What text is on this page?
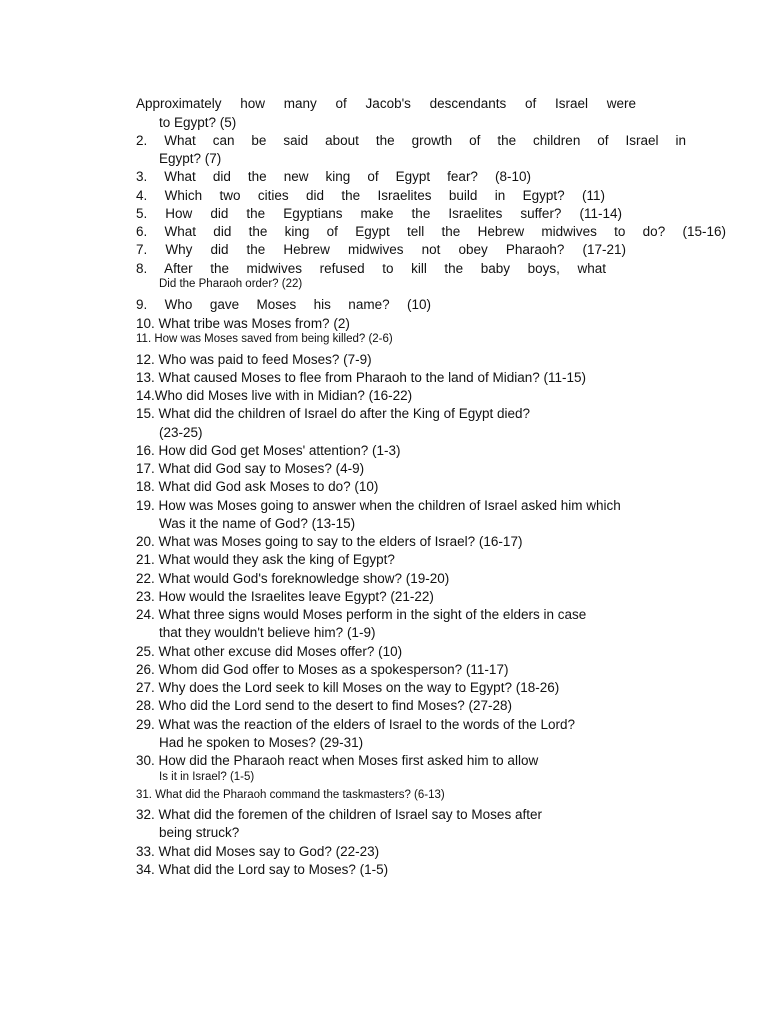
Approximately how many of Jacob's descendants of Israel were
to Egypt? (5)
2. What can be said about the growth of the children of Israel in
Egypt? (7)
3. What did the new king of Egypt fear? (8-10)
4. Which two cities did the Israelites build in Egypt? (11)
5. How did the Egyptians make the Israelites suffer? (11-14)
6. What did the king of Egypt tell the Hebrew midwives to do? (15-16)
7. Why did the Hebrew midwives not obey Pharaoh? (17-21)
8. After the midwives refused to kill the baby boys, what
Did the Pharaoh order? (22)
9. Who gave Moses his name? (10)
10. What tribe was Moses from? (2)
11. How was Moses saved from being killed? (2-6)
12. Who was paid to feed Moses? (7-9)
13. What caused Moses to flee from Pharaoh to the land of Midian? (11-15)
14.Who did Moses live with in Midian? (16-22)
15. What did the children of Israel do after the King of Egypt died?
(23-25)
16. How did God get Moses' attention? (1-3)
17. What did God say to Moses? (4-9)
18. What did God ask Moses to do? (10)
19. How was Moses going to answer when the children of Israel asked him which
Was it the name of God? (13-15)
20. What was Moses going to say to the elders of Israel? (16-17)
21. What would they ask the king of Egypt?
22. What would God's foreknowledge show? (19-20)
23. How would the Israelites leave Egypt? (21-22)
24. What three signs would Moses perform in the sight of the elders in case
that they wouldn't believe him? (1-9)
25. What other excuse did Moses offer? (10)
26. Whom did God offer to Moses as a spokesperson? (11-17)
27. Why does the Lord seek to kill Moses on the way to Egypt? (18-26)
28. Who did the Lord send to the desert to find Moses? (27-28)
29. What was the reaction of the elders of Israel to the words of the Lord?
Had he spoken to Moses? (29-31)
30. How did the Pharaoh react when Moses first asked him to allow
Is it in Israel? (1-5)
31. What did the Pharaoh command the taskmasters? (6-13)
32. What did the foremen of the children of Israel say to Moses after
being struck?
33. What did Moses say to God? (22-23)
34. What did the Lord say to Moses? (1-5)
